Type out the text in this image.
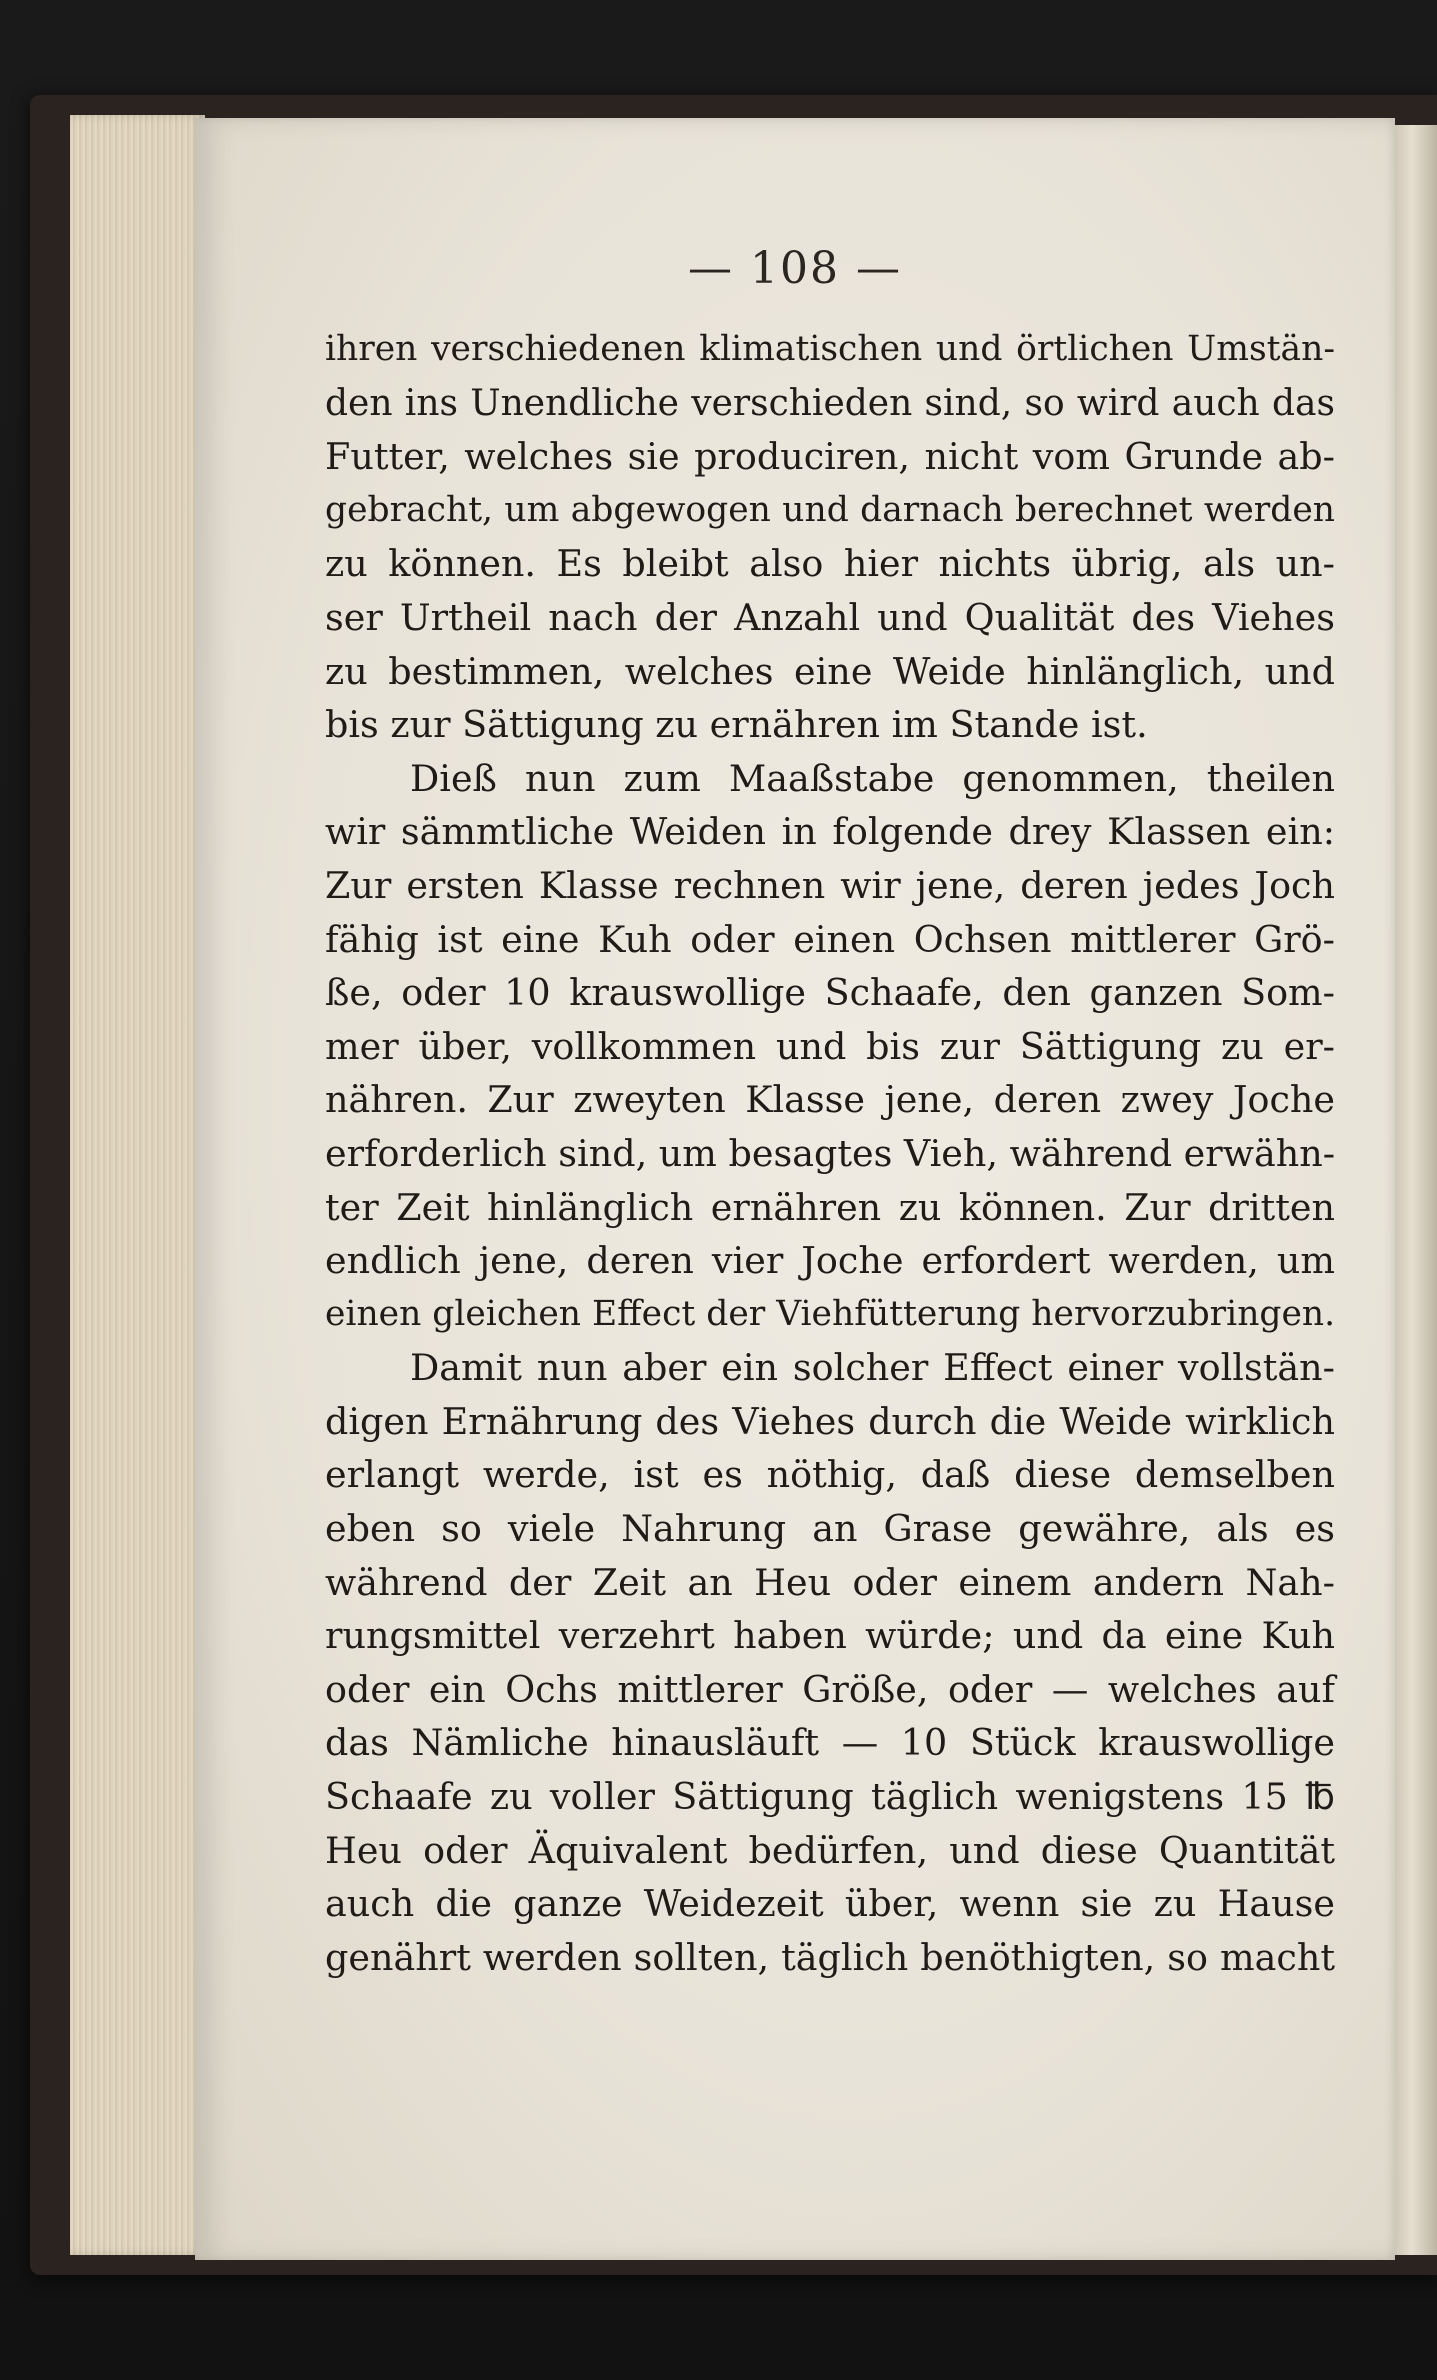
— 108 —
ihren verschiedenen klimatischen und örtlichen Umstän-
den ins Unendliche verschieden sind, so wird auch das
Futter, welches sie produciren, nicht vom Grunde ab-
gebracht, um abgewogen und darnach berechnet werden
zu können. Es bleibt also hier nichts übrig, als un-
ser Urtheil nach der Anzahl und Qualität des Viehes
zu bestimmen, welches eine Weide hinlänglich, und
bis zur Sättigung zu ernähren im Stande ist.
Dieß nun zum Maaßstabe genommen, theilen
wir sämmtliche Weiden in folgende drey Klassen ein:
Zur ersten Klasse rechnen wir jene, deren jedes Joch
fähig ist eine Kuh oder einen Ochsen mittlerer Grö-
ße, oder 10 krauswollige Schaafe, den ganzen Som-
mer über, vollkommen und bis zur Sättigung zu er-
nähren. Zur zweyten Klasse jene, deren zwey Joche
erforderlich sind, um besagtes Vieh, während erwähn-
ter Zeit hinlänglich ernähren zu können. Zur dritten
endlich jene, deren vier Joche erfordert werden, um
einen gleichen Effect der Viehfütterung hervorzubringen.
Damit nun aber ein solcher Effect einer vollstän-
digen Ernährung des Viehes durch die Weide wirklich
erlangt werde, ist es nöthig, daß diese demselben
eben so viele Nahrung an Grase gewähre, als es
während der Zeit an Heu oder einem andern Nah-
rungsmittel verzehrt haben würde; und da eine Kuh
oder ein Ochs mittlerer Größe, oder — welches auf
das Nämliche hinausläuft — 10 Stück krauswollige
Schaafe zu voller Sättigung täglich wenigstens 15 ℔
Heu oder Äquivalent bedürfen, und diese Quantität
auch die ganze Weidezeit über, wenn sie zu Hause
genährt werden sollten, täglich benöthigten, so macht
